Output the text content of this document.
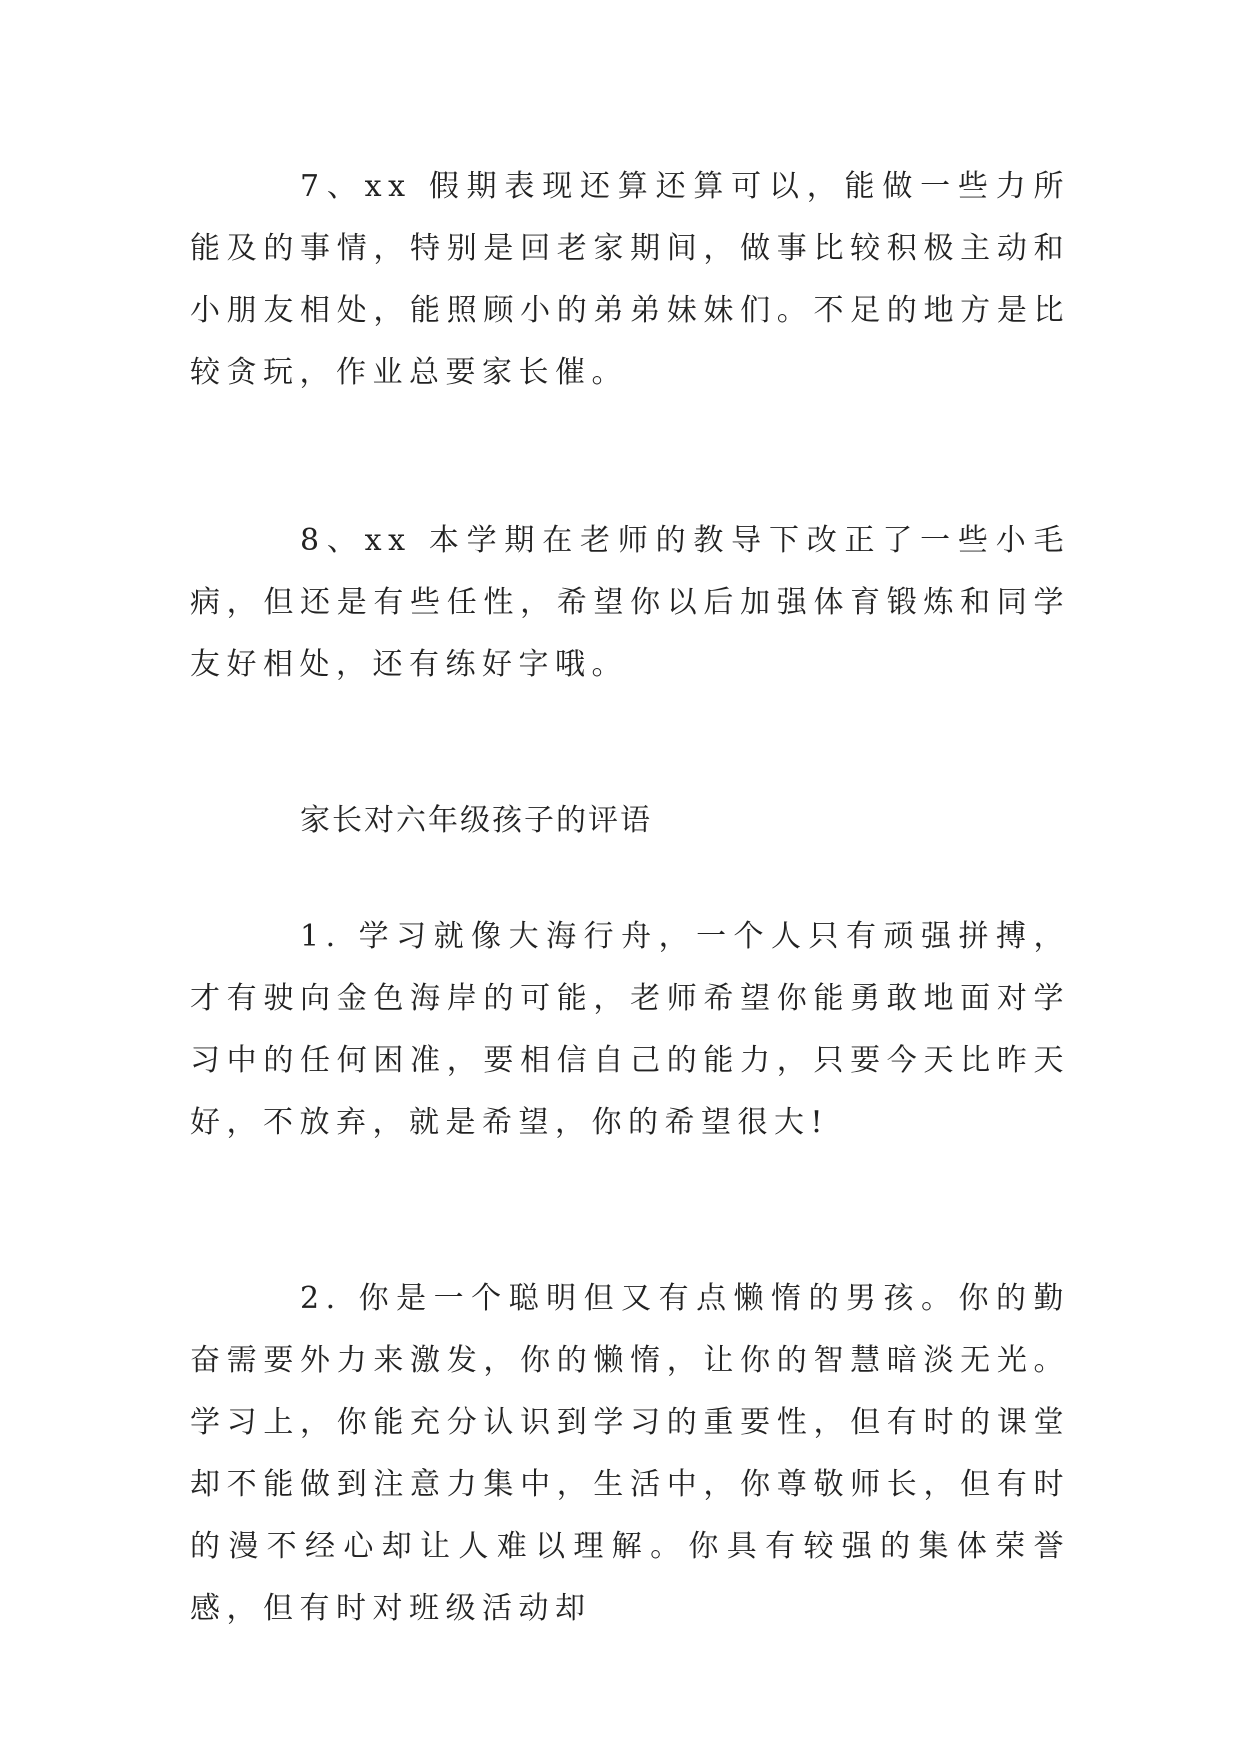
7、xx 假期表现还算还算可以，能做一些力所能及的事情，特别是回老家期间，做事比较积极主动和小朋友相处，能照顾小的弟弟妹妹们。不足的地方是比较贪玩，作业总要家长催。

8、xx 本学期在老师的教导下改正了一些小毛病，但还是有些任性，希望你以后加强体育锻炼和同学友好相处，还有练好字哦。

家长对六年级孩子的评语

1. 学习就像大海行舟，一个人只有顽强拼搏，才有驶向金色海岸的可能，老师希望你能勇敢地面对学习中的任何困准，要相信自己的能力，只要今天比昨天好，不放弃，就是希望，你的希望很大!

2. 你是一个聪明但又有点懒惰的男孩。你的勤奋需要外力来激发，你的懒惰，让你的智慧暗淡无光。学习上，你能充分认识到学习的重要性，但有时的课堂却不能做到注意力集中，生活中，你尊敬师长，但有时的漫不经心却让人难以理解。你具有较强的集体荣誉感，但有时对班级活动却
